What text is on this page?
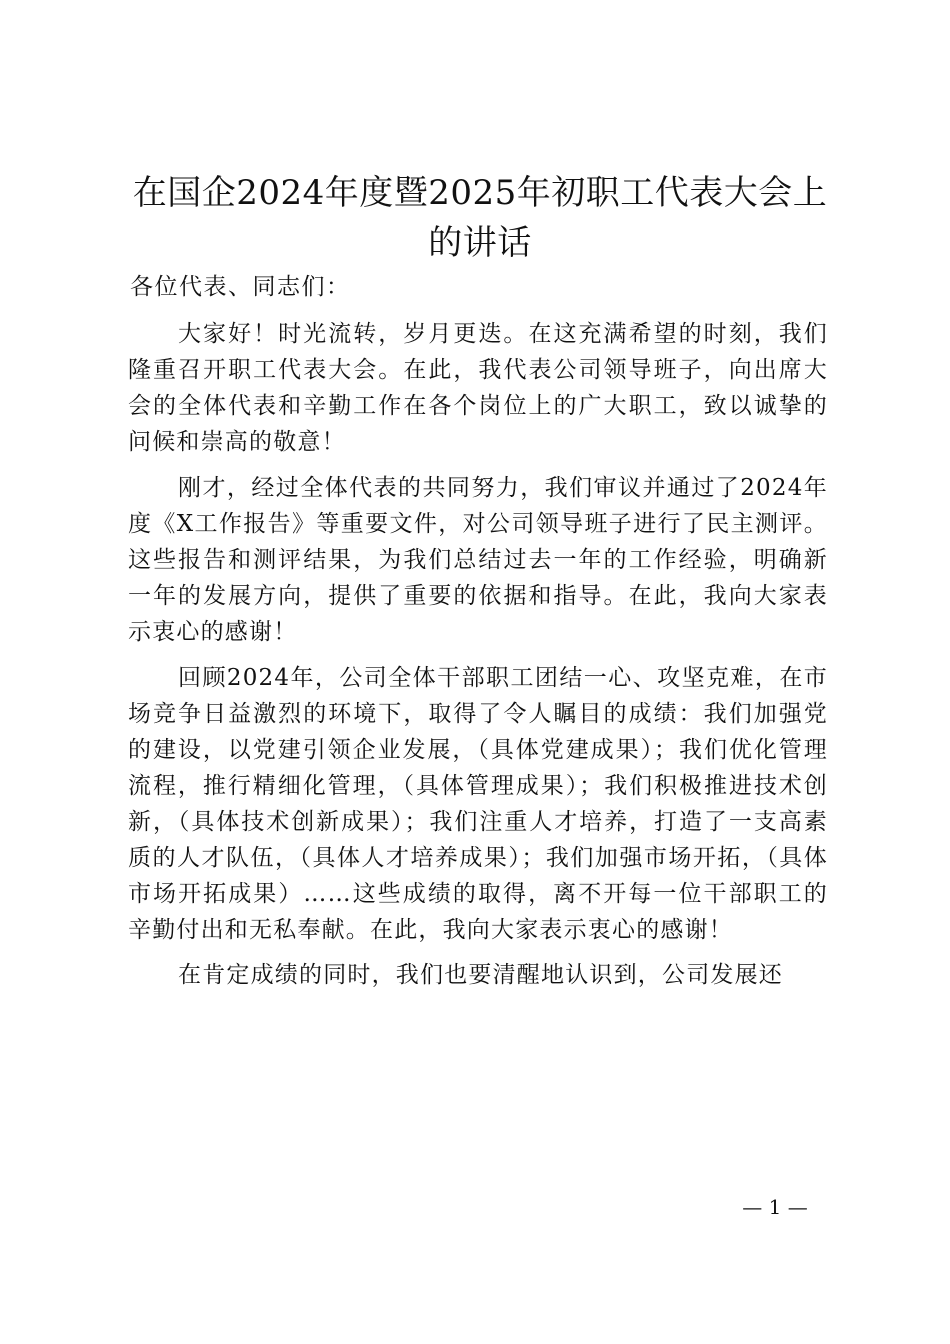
在国企2024年度暨2025年初职工代表大会上的讲话

各位代表、同志们：

大家好！时光流转，岁月更迭。在这充满希望的时刻，我们隆重召开职工代表大会。在此，我代表公司领导班子，向出席大会的全体代表和辛勤工作在各个岗位上的广大职工，致以诚挚的问候和崇高的敬意！

刚才，经过全体代表的共同努力，我们审议并通过了2024年度《X工作报告》等重要文件，对公司领导班子进行了民主测评。这些报告和测评结果，为我们总结过去一年的工作经验，明确新一年的发展方向，提供了重要的依据和指导。在此，我向大家表示衷心的感谢！

回顾2024年，公司全体干部职工团结一心、攻坚克难，在市场竞争日益激烈的环境下，取得了令人瞩目的成绩：我们加强党的建设，以党建引领企业发展，（具体党建成果）；我们优化管理流程，推行精细化管理，（具体管理成果）；我们积极推进技术创新，（具体技术创新成果）；我们注重人才培养，打造了一支高素质的人才队伍，（具体人才培养成果）；我们加强市场开拓，（具体市场开拓成果）……这些成绩的取得，离不开每一位干部职工的辛勤付出和无私奉献。在此，我向大家表示衷心的感谢！

在肯定成绩的同时，我们也要清醒地认识到，公司发展还

— 1 —
